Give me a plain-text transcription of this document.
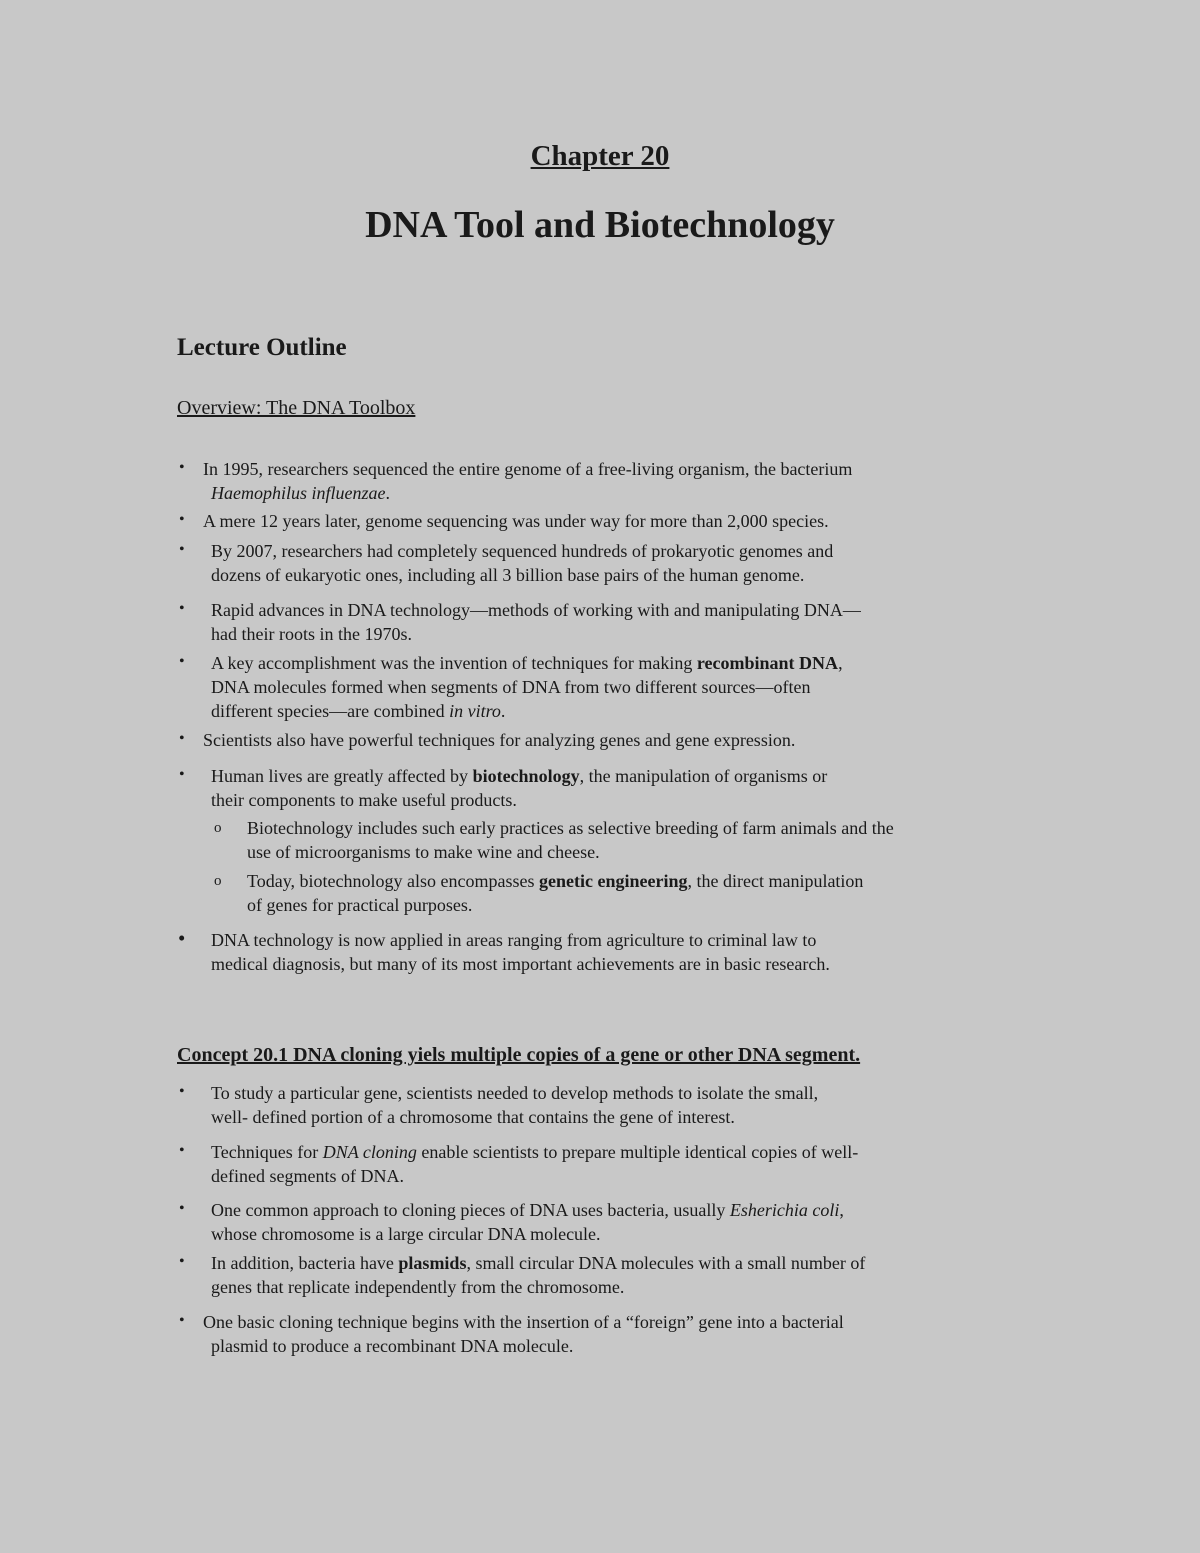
Chapter 20
DNA Tool and Biotechnology
Lecture Outline
Overview: The DNA Toolbox
• In 1995, researchers sequenced the entire genome of a free-living organism, the bacterium
Haemophilus influenzae.
• A mere 12 years later, genome sequencing was under way for more than 2,000 species.
• By 2007, researchers had completely sequenced hundreds of prokaryotic genomes and
dozens of eukaryotic ones, including all 3 billion base pairs of the human genome.
• Rapid advances in DNA technology—methods of working with and manipulating DNA—
had their roots in the 1970s.
• A key accomplishment was the invention of techniques for making recombinant DNA,
DNA molecules formed when segments of DNA from two different sources—often
different species—are combined in vitro.
• Scientists also have powerful techniques for analyzing genes and gene expression.
• Human lives are greatly affected by biotechnology, the manipulation of organisms or
their components to make useful products.
o Biotechnology includes such early practices as selective breeding of farm animals and the
use of microorganisms to make wine and cheese.
o Today, biotechnology also encompasses genetic engineering, the direct manipulation
of genes for practical purposes.
• DNA technology is now applied in areas ranging from agriculture to criminal law to
medical diagnosis, but many of its most important achievements are in basic research.
Concept 20.1 DNA cloning yiels multiple copies of a gene or other DNA segment.
• To study a particular gene, scientists needed to develop methods to isolate the small,
well- defined portion of a chromosome that contains the gene of interest.
• Techniques for DNA cloning enable scientists to prepare multiple identical copies of well-
defined segments of DNA.
• One common approach to cloning pieces of DNA uses bacteria, usually Esherichia coli,
whose chromosome is a large circular DNA molecule.
• In addition, bacteria have plasmids, small circular DNA molecules with a small number of
genes that replicate independently from the chromosome.
• One basic cloning technique begins with the insertion of a “foreign” gene into a bacterial
plasmid to produce a recombinant DNA molecule.
